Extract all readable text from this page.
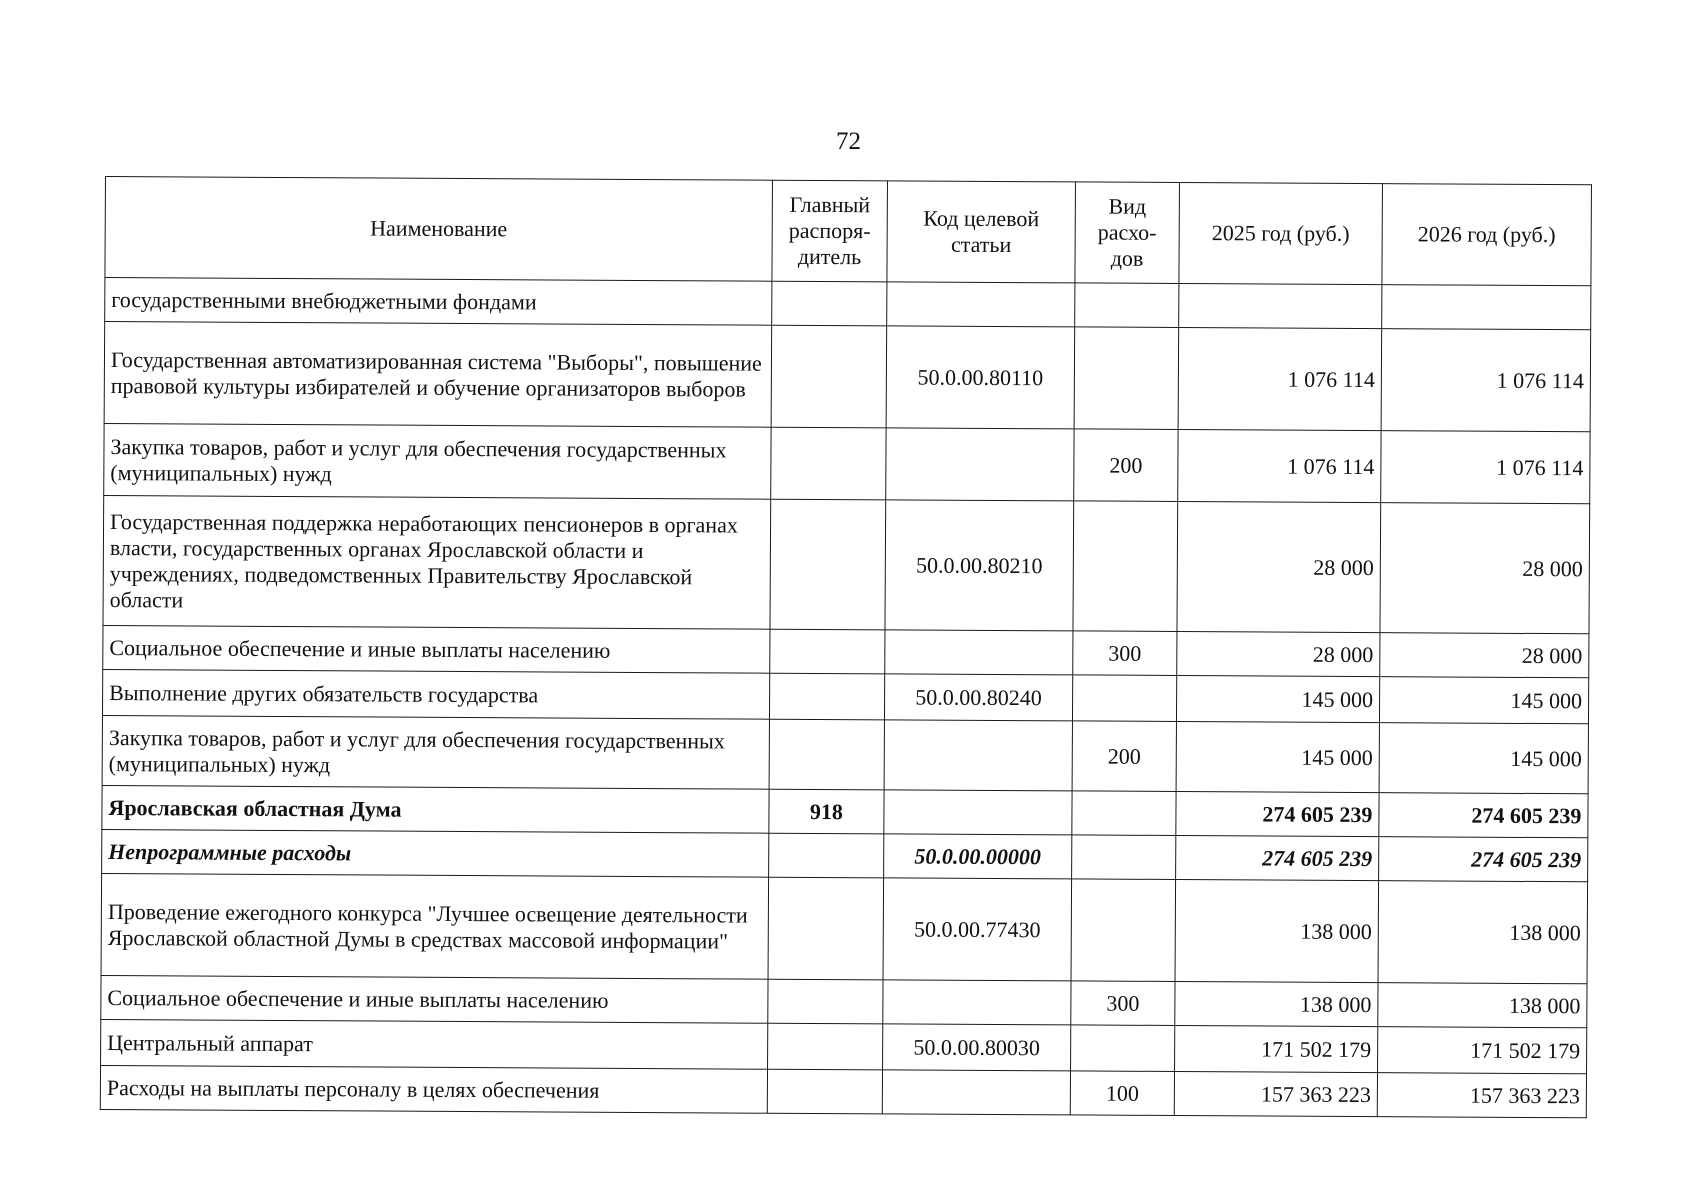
72
Наименование	Главный распоря-дитель	Код целевой статьи	Вид расхо-дов	2025 год (руб.)	2026 год (руб.)
государственными внебюджетными фондами					
Государственная автоматизированная система "Выборы", повышение правовой культуры избирателей и обучение организаторов выборов		50.0.00.80110		1 076 114	1 076 114
Закупка товаров, работ и услуг для обеспечения государственных (муниципальных) нужд			200	1 076 114	1 076 114
Государственная поддержка неработающих пенсионеров в органах власти, государственных органах Ярославской области и учреждениях, подведомственных Правительству Ярославской области		50.0.00.80210		28 000	28 000
Социальное обеспечение и иные выплаты населению			300	28 000	28 000
Выполнение других обязательств государства		50.0.00.80240		145 000	145 000
Закупка товаров, работ и услуг для обеспечения государственных (муниципальных) нужд			200	145 000	145 000
Ярославская областная Дума	918			274 605 239	274 605 239
Непрограммные расходы		50.0.00.00000		274 605 239	274 605 239
Проведение ежегодного конкурса "Лучшее освещение деятельности Ярославской областной Думы в средствах массовой информации"		50.0.00.77430		138 000	138 000
Социальное обеспечение и иные выплаты населению			300	138 000	138 000
Центральный аппарат		50.0.00.80030		171 502 179	171 502 179
Расходы на выплаты персоналу в целях обеспечения			100	157 363 223	157 363 223
